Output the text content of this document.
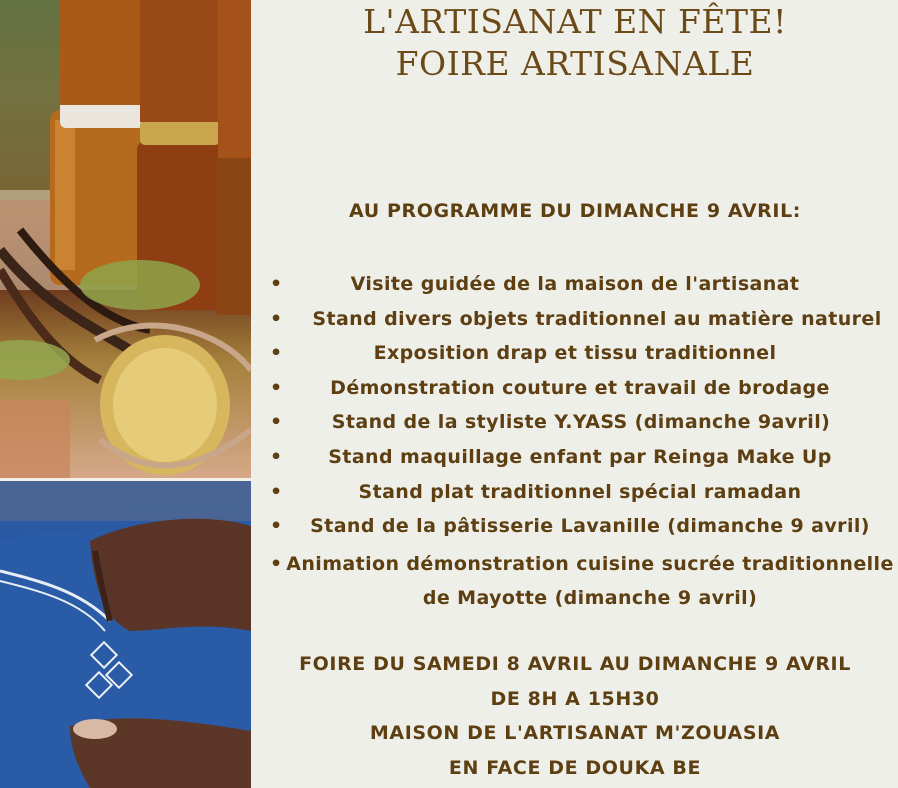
L'ARTISANAT EN FÊTE!
FOIRE ARTISANALE
AU PROGRAMME DU DIMANCHE 9 AVRIL:
•	Visite guidée de la maison de l'artisanat
• Stand divers objets traditionnel au matière naturel
•	Exposition drap et tissu traditionnel
•	Démonstration couture et travail de brodage
•	Stand de la styliste Y.YASS (dimanche 9avril)
• Stand maquillage enfant par Reinga Make Up
•	Stand plat traditionnel spécial ramadan
• Stand de la pâtisserie Lavanille (dimanche 9 avril)
• Animation démonstration cuisine sucrée traditionnelle de Mayotte (dimanche 9 avril)
FOIRE DU SAMEDI 8 AVRIL AU DIMANCHE 9 AVRIL
DE 8H A 15H30
MAISON DE L'ARTISANAT M'ZOUASIA
EN FACE DE DOUKA BE
